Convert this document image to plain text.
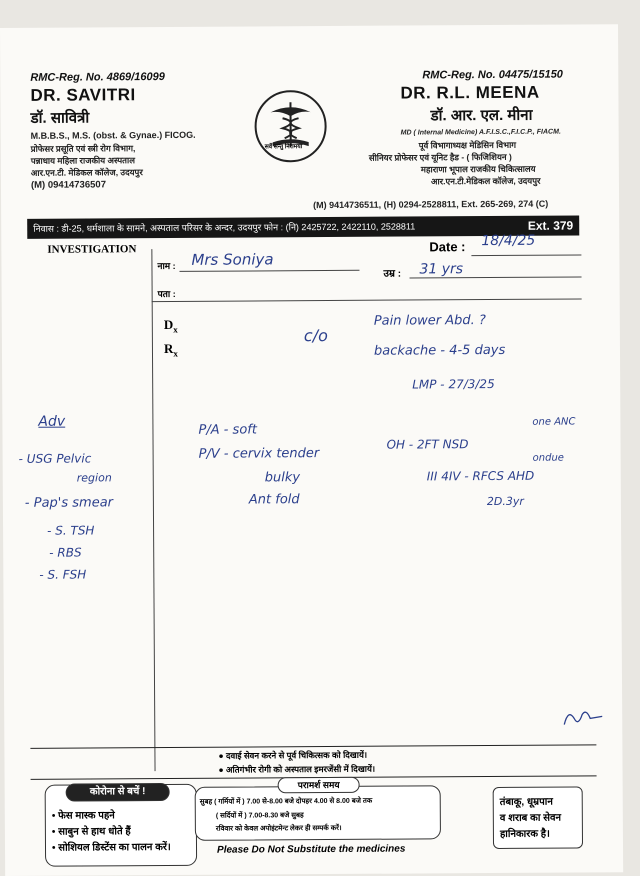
RMC-Reg. No. 4869/16099
DR. SAVITRI
डॉ. सावित्री
M.B.B.S., M.S. (obst. & Gynae.) FICOG.
प्रोफेसर प्रसूति एवं स्त्री रोग विभाग,
पन्नाधाय महिला राजकीय अस्पताल
आर.एन.टी. मेडिकल कॉलेज, उदयपुर
(M) 09414736507
सर्वे सन्तु निरामया
RMC-Reg. No. 04475/15150
DR. R.L. MEENA
डॉ. आर. एल. मीना
MD ( Internal Medicine) A.F.I.S.C.,F.I.C.P., FIACM.
पूर्व विभागाध्यक्ष मेडिसिन विभाग
सीनियर प्रोफेसर एवं यूनिट हैड - ( फिजिशियन )
महाराणा भूपाल राजकीय चिकित्सालय
आर.एन.टी.मेडिकल कॉलेज, उदयपुर
(M) 9414736511, (H) 0294-2528811, Ext. 265-269, 274 (C)
निवास : डी-25, धर्मशाला के सामने, अस्पताल परिसर के अन्दर, उदयपुर फोन : (नि) 2425722, 2422110, 2528811	Ext. 379
INVESTIGATION	Date : 18/4/25
नाम : Mrs Soniya
उम्र : 31 yrs
पता :
$D_x$
$R_x$
c/o
Pain lower Abd. ?
backache - 4-5 days
LMP - 27/3/25
P/A - soft
P/V - cervix tender
bulky
Ant fold
OH - 2FT NSD
one ANC
ondue
III 4IV - RFCS AHD
2D.3yr
Adv
- USG Pelvic
region
- Pap's smear
- S. TSH
- RBS
- S. FSH
● दवाई सेवन करने से पूर्व चिकित्सक को दिखायें।
● अतिगंभीर रोगी को अस्पताल इमरजेंसी में दिखायें।
कोरोना से बचें !
• फेस मास्क पहने
• साबुन से हाथ धोते हैं
• सोशियल डिस्टेंस का पालन करें।
परामर्श समय
सुबह ( गर्मियों में ) 7.00 से-8.00 बजे दोपहर 4.00 से 8.00 बजे तक
( सर्दियों में ) 7.00-8.30 बजे सुबह
रविवार को केवल अपोइंटमेन्ट लेकर ही सम्पर्क करें।
तंबाकू, धूम्रपान
व शराब का सेवन
हानिकारक है।
Please Do Not Substitute the medicines
